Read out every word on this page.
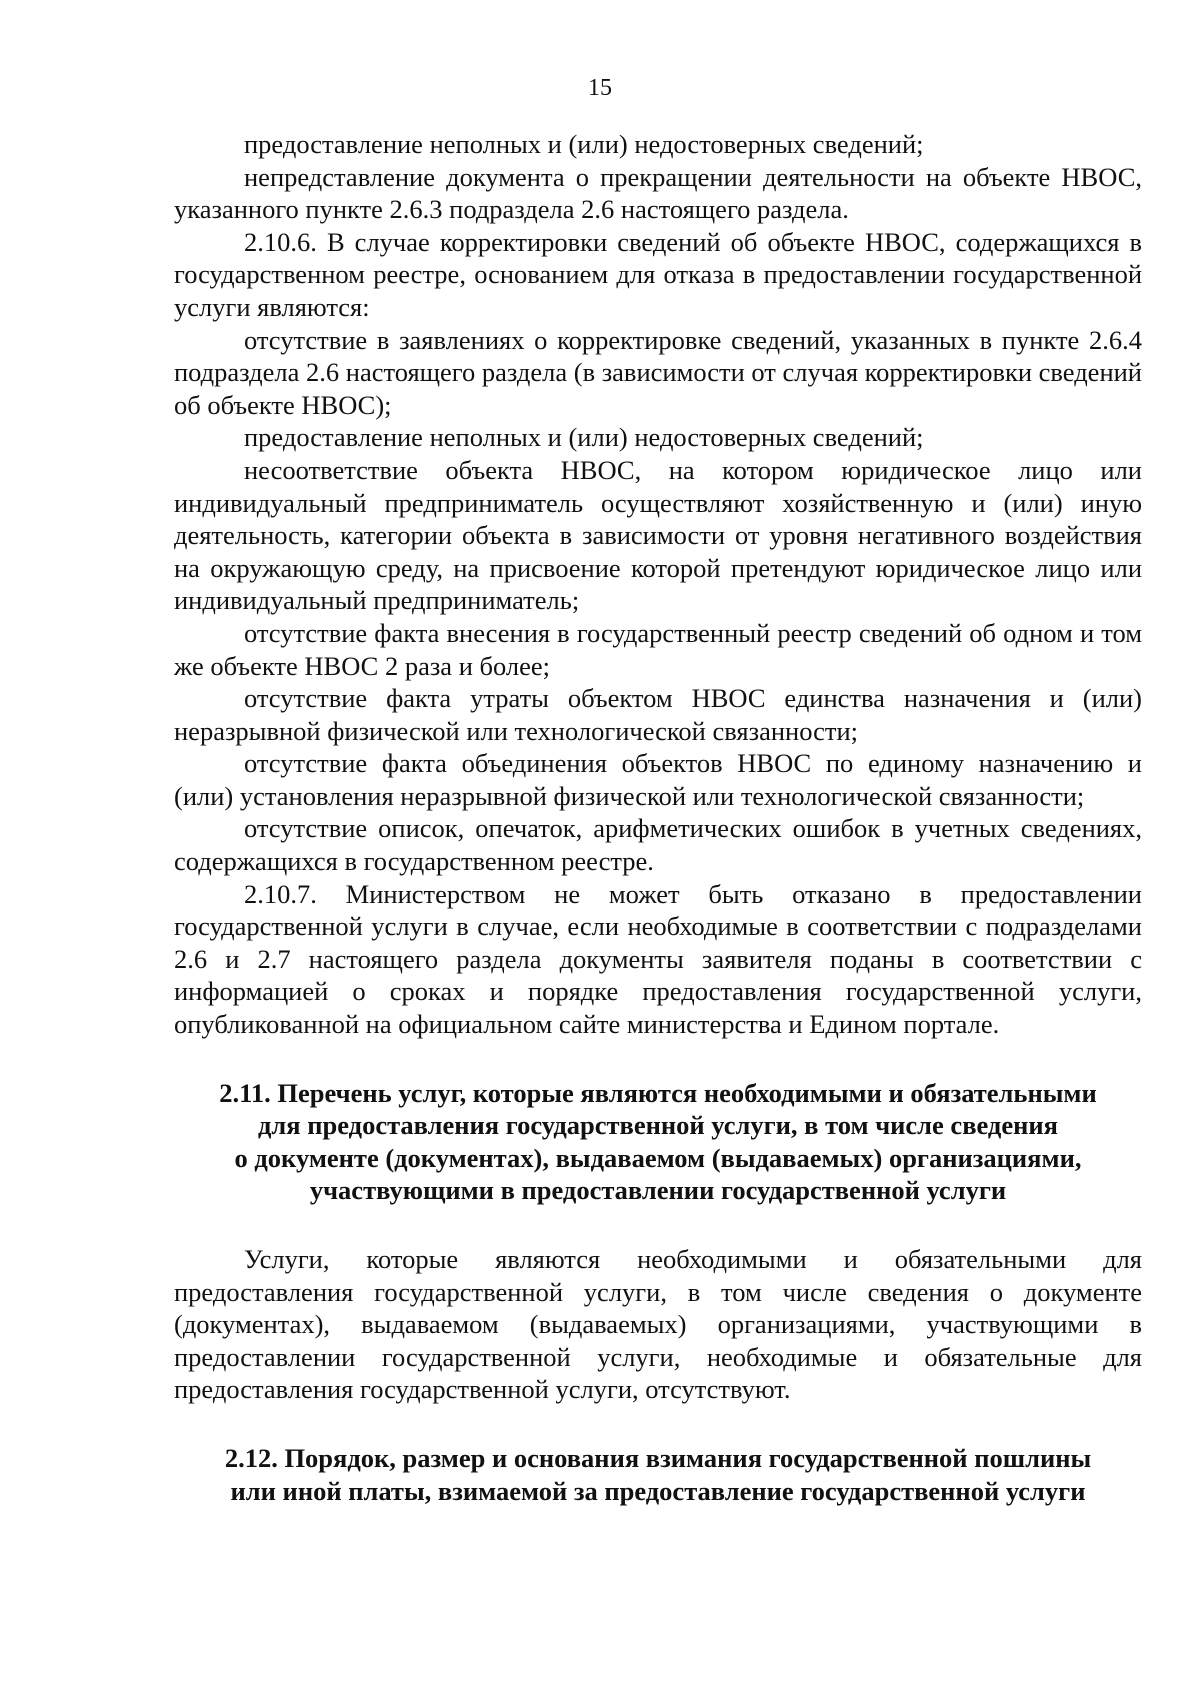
15

предоставление неполных и (или) недостоверных сведений;

непредставление документа о прекращении деятельности на объекте НВОС, указанного пункте 2.6.3 подраздела 2.6 настоящего раздела.

2.10.6. В случае корректировки сведений об объекте НВОС, содержащихся в государственном реестре, основанием для отказа в предоставлении государственной услуги являются:

отсутствие в заявлениях о корректировке сведений, указанных в пункте 2.6.4 подраздела 2.6 настоящего раздела (в зависимости от случая корректировки сведений об объекте НВОС);

предоставление неполных и (или) недостоверных сведений;

несоответствие объекта НВОС, на котором юридическое лицо или индивидуальный предприниматель осуществляют хозяйственную и (или) иную деятельность, категории объекта в зависимости от уровня негативного воздействия на окружающую среду, на присвоение которой претендуют юридическое лицо или индивидуальный предприниматель;

отсутствие факта внесения в государственный реестр сведений об одном и том же объекте НВОС 2 раза и более;

отсутствие факта утраты объектом НВОС единства назначения и (или) неразрывной физической или технологической связанности;

отсутствие факта объединения объектов НВОС по единому назначению и (или) установления неразрывной физической или технологической связанности;

отсутствие описок, опечаток, арифметических ошибок в учетных сведениях, содержащихся в государственном реестре.

2.10.7. Министерством не может быть отказано в предоставлении государственной услуги в случае, если необходимые в соответствии с подразделами 2.6 и 2.7 настоящего раздела документы заявителя поданы в соответствии с информацией о сроках и порядке предоставления государственной услуги, опубликованной на официальном сайте министерства и Едином портале.

2.11. Перечень услуг, которые являются необходимыми и обязательными
для предоставления государственной услуги, в том числе сведения
о документе (документах), выдаваемом (выдаваемых) организациями,
участвующими в предоставлении государственной услуги

Услуги, которые являются необходимыми и обязательными для предоставления государственной услуги, в том числе сведения о документе (документах), выдаваемом (выдаваемых) организациями, участвующими в предоставлении государственной услуги, необходимые и обязательные для предоставления государственной услуги, отсутствуют.

2.12. Порядок, размер и основания взимания государственной пошлины
или иной платы, взимаемой за предоставление государственной услуги
